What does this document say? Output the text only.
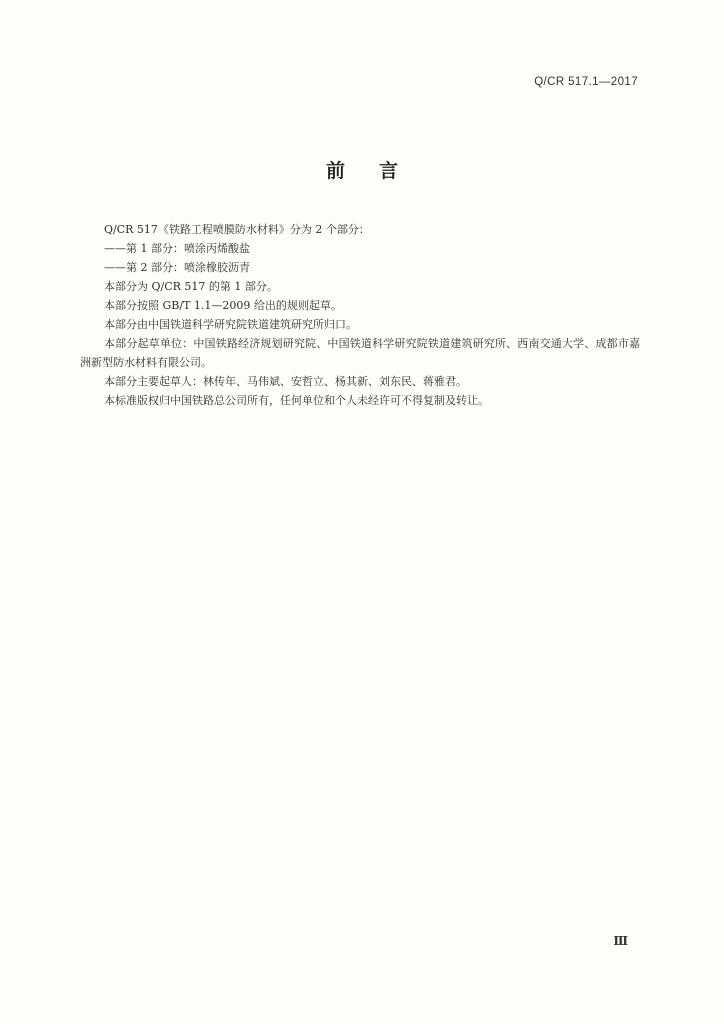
Q/CR 517.1—2017
前言

Q/CR 517《铁路工程喷膜防水材料》分为 2 个部分：

——第 1 部分：喷涂丙烯酸盐

——第 2 部分：喷涂橡胶沥青

本部分为 Q/CR 517 的第 1 部分。

本部分按照 GB/T 1.1—2009 给出的规则起草。

本部分由中国铁道科学研究院铁道建筑研究所归口。

本部分起草单位：中国铁路经济规划研究院、中国铁道科学研究院铁道建筑研究所、西南交通大学、成都市嘉洲新型防水材料有限公司。

本部分主要起草人：林传年、马伟斌、安哲立、杨其新、刘东民、蒋雅君。

本标准版权归中国铁路总公司所有，任何单位和个人未经许可不得复制及转让。

Ⅲ
